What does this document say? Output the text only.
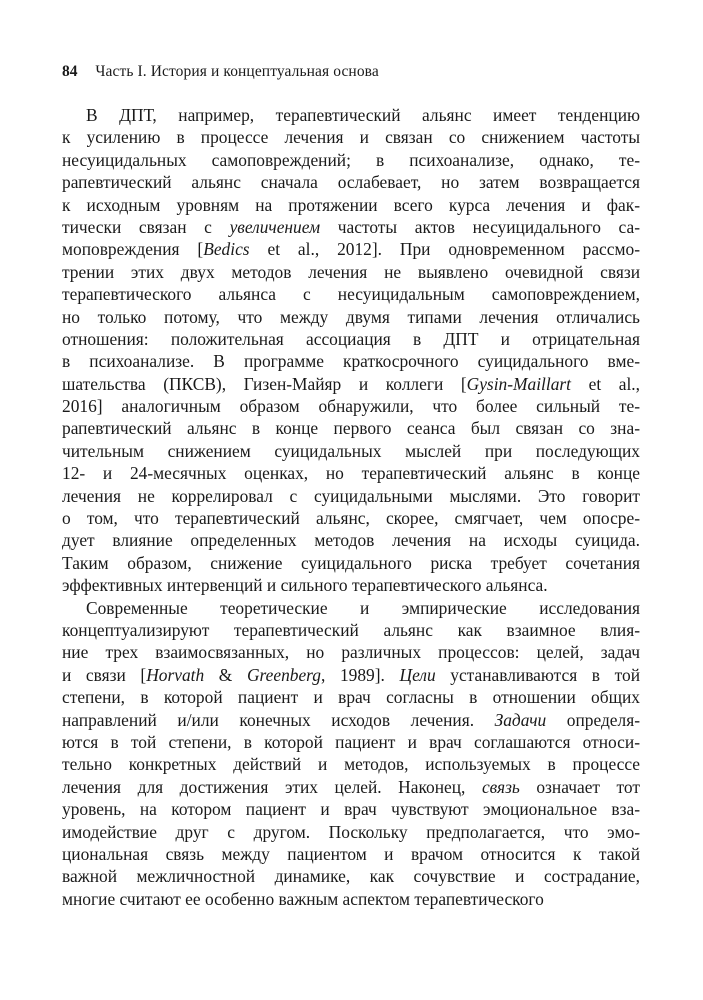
84 Часть I. История и концептуальная основа
В ДПТ, например, терапевтический альянс имеет тенденцию
к усилению в процессе лечения и связан со снижением частоты
несуицидальных самоповреждений; в психоанализе, однако, те-
рапевтический альянс сначала ослабевает, но затем возвращается
к исходным уровням на протяжении всего курса лечения и фак-
тически связан с увеличением частоты актов несуицидального са-
моповреждения [Bedics et al., 2012]. При одновременном рассмо-
трении этих двух методов лечения не выявлено очевидной связи
терапевтического альянса с несуицидальным самоповреждением,
но только потому, что между двумя типами лечения отличались
отношения: положительная ассоциация в ДПТ и отрицательная
в психоанализе. В программе краткосрочного суицидального вме-
шательства (ПКСВ), Гизен-Майяр и коллеги [Gysin-Maillart et al.,
2016] аналогичным образом обнаружили, что более сильный те-
рапевтический альянс в конце первого сеанса был связан со зна-
чительным снижением суицидальных мыслей при последующих
12- и 24-месячных оценках, но терапевтический альянс в конце
лечения не коррелировал с суицидальными мыслями. Это говорит
о том, что терапевтический альянс, скорее, смягчает, чем опосре-
дует влияние определенных методов лечения на исходы суицида.
Таким образом, снижение суицидального риска требует сочетания
эффективных интервенций и сильного терапевтического альянса.
Современные теоретические и эмпирические исследования
концептуализируют терапевтический альянс как взаимное влия-
ние трех взаимосвязанных, но различных процессов: целей, задач
и связи [Horvath & Greenberg, 1989]. Цели устанавливаются в той
степени, в которой пациент и врач согласны в отношении общих
направлений и/или конечных исходов лечения. Задачи определя-
ются в той степени, в которой пациент и врач соглашаются относи-
тельно конкретных действий и методов, используемых в процессе
лечения для достижения этих целей. Наконец, связь означает тот
уровень, на котором пациент и врач чувствуют эмоциональное вза-
имодействие друг с другом. Поскольку предполагается, что эмо-
циональная связь между пациентом и врачом относится к такой
важной межличностной динамике, как сочувствие и сострадание,
многие считают ее особенно важным аспектом терапевтического
